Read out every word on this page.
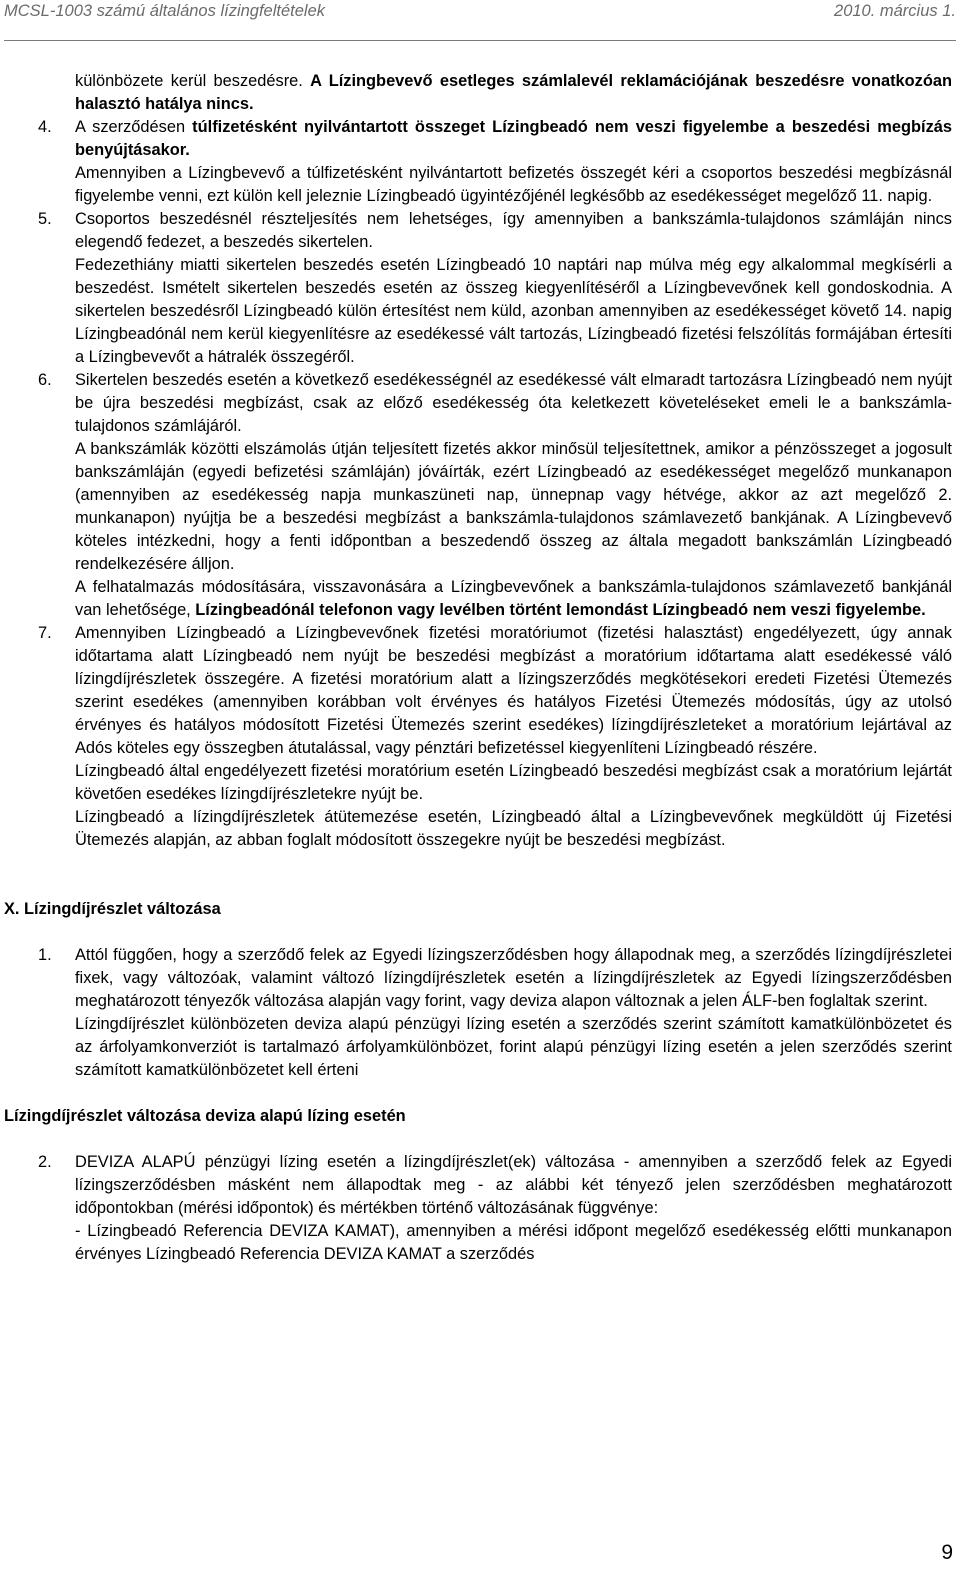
MCSL-1003 számú általános lízingfeltételek	2010. március 1.

különbözete kerül beszedésre. A Lízingbevevő esetleges számlalevél reklamációjának beszedésre vonatkozóan halasztó hatálya nincs.

4. A szerződésen túlfizetésként nyilvántartott összeget Lízingbeadó nem veszi figyelembe a beszedési megbízás benyújtásakor.

Amennyiben a Lízingbevevő a túlfizetésként nyilvántartott befizetés összegét kéri a csoportos beszedési megbízásnál figyelembe venni, ezt külön kell jeleznie Lízingbeadó ügyintézőjénél legkésőbb az esedékességet megelőző 11. napig.

5. Csoportos beszedésnél részteljesítés nem lehetséges, így amennyiben a bankszámla-tulajdonos számláján nincs elegendő fedezet, a beszedés sikertelen.

Fedezethiány miatti sikertelen beszedés esetén Lízingbeadó 10 naptári nap múlva még egy alkalommal megkísérli a beszedést. Ismételt sikertelen beszedés esetén az összeg kiegyenlítéséről a Lízingbevevőnek kell gondoskodnia. A sikertelen beszedésről Lízingbeadó külön értesítést nem küld, azonban amennyiben az esedékességet követő 14. napig Lízingbeadónál nem kerül kiegyenlítésre az esedékessé vált tartozás, Lízingbeadó fizetési felszólítás formájában értesíti a Lízingbevevőt a hátralék összegéről.

6. Sikertelen beszedés esetén a következő esedékességnél az esedékessé vált elmaradt tartozásra Lízingbeadó nem nyújt be újra beszedési megbízást, csak az előző esedékesség óta keletkezett követeléseket emeli le a bankszámla-tulajdonos számlájáról.

A bankszámlák közötti elszámolás útján teljesített fizetés akkor minősül teljesítettnek, amikor a pénzösszeget a jogosult bankszámláján (egyedi befizetési számláján) jóváírták, ezért Lízingbeadó az esedékességet megelőző munkanapon (amennyiben az esedékesség napja munkaszüneti nap, ünnepnap vagy hétvége, akkor az azt megelőző 2. munkanapon) nyújtja be a beszedési megbízást a bankszámla-tulajdonos számlavezető bankjának. A Lízingbevevő köteles intézkedni, hogy a fenti időpontban a beszedendő összeg az általa megadott bankszámlán Lízingbeadó rendelkezésére álljon.

A felhatalmazás módosítására, visszavonására a Lízingbevevőnek a bankszámla-tulajdonos számlavezető bankjánál van lehetősége, Lízingbeadónál telefonon vagy levélben történt lemondást Lízingbeadó nem veszi figyelembe.

7. Amennyiben Lízingbeadó a Lízingbevevőnek fizetési moratóriumot (fizetési halasztást) engedélyezett, úgy annak időtartama alatt Lízingbeadó nem nyújt be beszedési megbízást a moratórium időtartama alatt esedékessé váló lízingdíjrészletek összegére. A fizetési moratórium alatt a lízingszerződés megkötésekori eredeti Fizetési Ütemezés szerint esedékes (amennyiben korábban volt érvényes és hatályos Fizetési Ütemezés módosítás, úgy az utolsó érvényes és hatályos módosított Fizetési Ütemezés szerint esedékes) lízingdíjrészleteket a moratórium lejártával az Adós köteles egy összegben átutalással, vagy pénztári befizetéssel kiegyenlíteni Lízingbeadó részére.

Lízingbeadó által engedélyezett fizetési moratórium esetén Lízingbeadó beszedési megbízást csak a moratórium lejártát követően esedékes lízingdíjrészletekre nyújt be.

Lízingbeadó a lízingdíjrészletek átütemezése esetén, Lízingbeadó által a Lízingbevevőnek megküldött új Fizetési Ütemezés alapján, az abban foglalt módosított összegekre nyújt be beszedési megbízást.

X. Lízingdíjrészlet változása
1. Attól függően, hogy a szerződő felek az Egyedi lízingszerződésben hogy állapodnak meg, a szerződés lízingdíjrészletei fixek, vagy változóak, valamint változó lízingdíjrészletek esetén a lízingdíjrészletek az Egyedi lízingszerződésben meghatározott tényezők változása alapján vagy forint, vagy deviza alapon változnak a jelen ÁLF-ben foglaltak szerint.

Lízingdíjrészlet különbözeten deviza alapú pénzügyi lízing esetén a szerződés szerint számított kamatkülönbözetet és az árfolyamkonverziót is tartalmazó árfolyamkülönbözet, forint alapú pénzügyi lízing esetén a jelen szerződés szerint számított kamatkülönbözetet kell érteni

Lízingdíjrészlet változása deviza alapú lízing esetén
2. DEVIZA ALAPÚ pénzügyi lízing esetén a lízingdíjrészlet(ek) változása - amennyiben a szerződő felek az Egyedi lízingszerződésben másként nem állapodtak meg - az alábbi két tényező jelen szerződésben meghatározott időpontokban (mérési időpontok) és mértékben történő változásának függvénye:

- Lízingbeadó Referencia DEVIZA KAMAT), amennyiben a mérési időpont megelőző esedékesség előtti munkanapon érvényes Lízingbeadó Referencia DEVIZA KAMAT a szerződés

9
